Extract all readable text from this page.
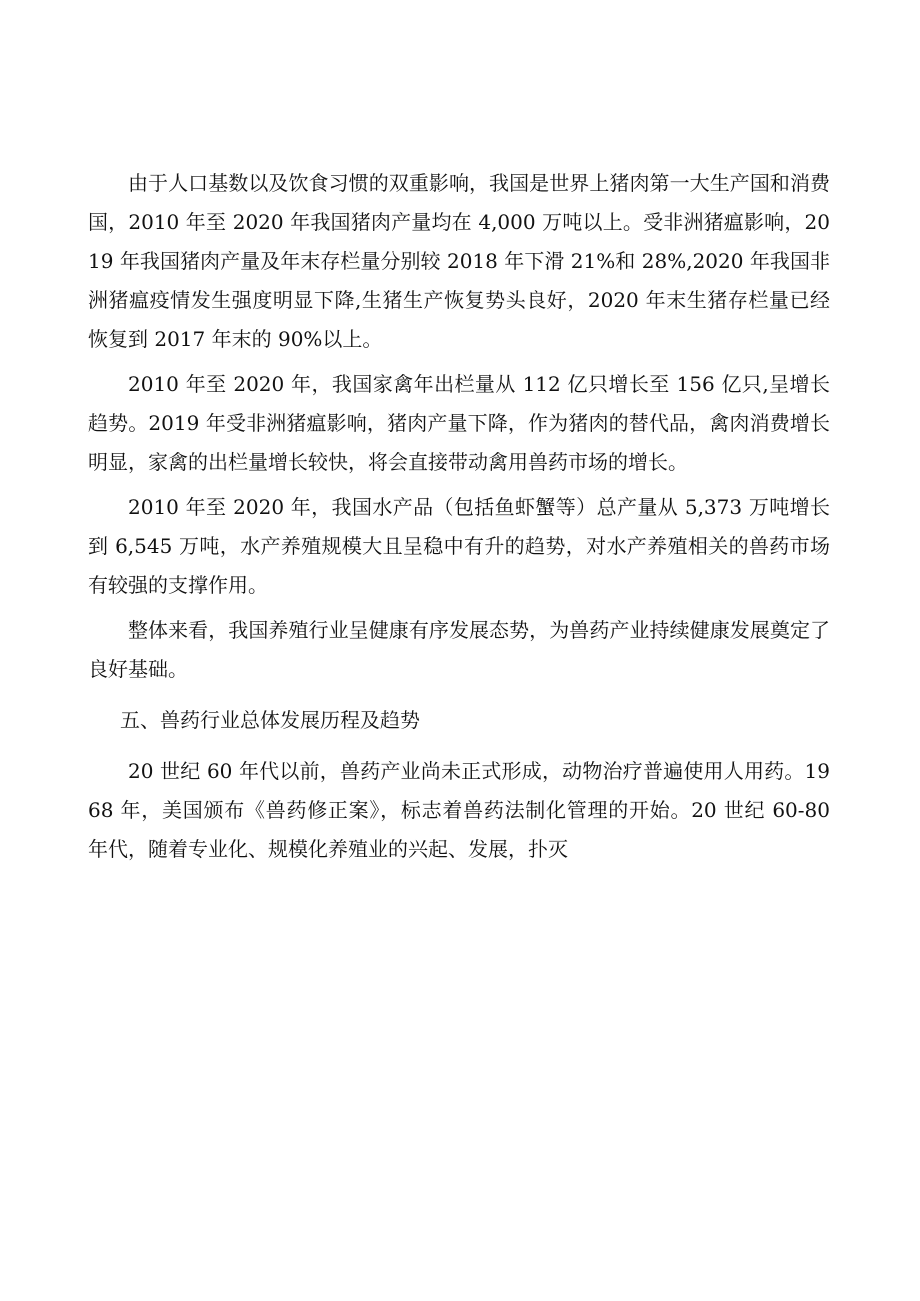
由于人口基数以及饮食习惯的双重影响，我国是世界上猪肉第一大生产国和消费国，2010 年至 2020 年我国猪肉产量均在 4,000 万吨以上。受非洲猪瘟影响，2019 年我国猪肉产量及年末存栏量分别较 2018 年下滑 21%和 28%,2020 年我国非洲猪瘟疫情发生强度明显下降,生猪生产恢复势头良好，2020 年末生猪存栏量已经恢复到 2017 年末的 90%以上。

2010 年至 2020 年，我国家禽年出栏量从 112 亿只增长至 156 亿只,呈增长趋势。2019 年受非洲猪瘟影响，猪肉产量下降，作为猪肉的替代品，禽肉消费增长明显，家禽的出栏量增长较快，将会直接带动禽用兽药市场的增长。

2010 年至 2020 年，我国水产品（包括鱼虾蟹等）总产量从 5,373 万吨增长到 6,545 万吨，水产养殖规模大且呈稳中有升的趋势，对水产养殖相关的兽药市场有较强的支撑作用。

整体来看，我国养殖行业呈健康有序发展态势，为兽药产业持续健康发展奠定了良好基础。

五、兽药行业总体发展历程及趋势

20 世纪 60 年代以前，兽药产业尚未正式形成，动物治疗普遍使用人用药。1968 年，美国颁布《兽药修正案》，标志着兽药法制化管理的开始。20 世纪 60-80 年代，随着专业化、规模化养殖业的兴起、发展，扑灭
